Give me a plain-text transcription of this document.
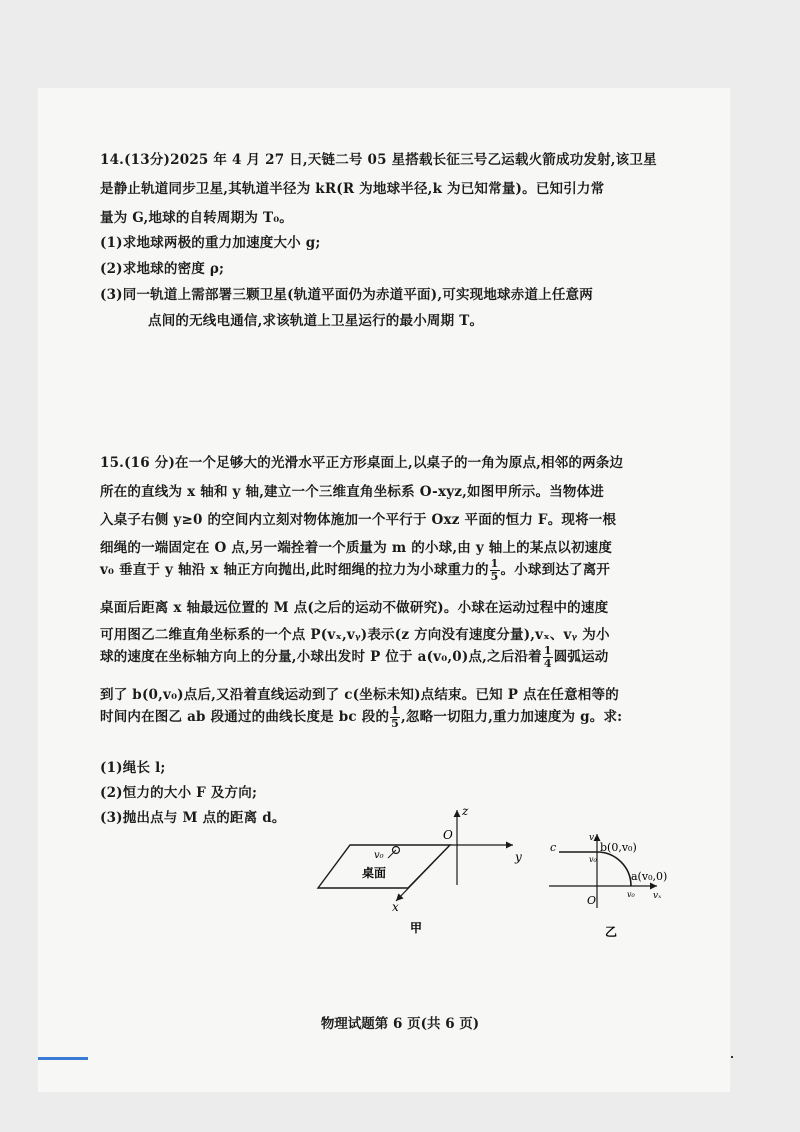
14.(13分)2025 年 4 月 27 日,天链二号 05 星搭载长征三号乙运载火箭成功发射,该卫星
是静止轨道同步卫星,其轨道半径为 kR(R 为地球半径,k 为已知常量)。已知引力常
量为 G,地球的自转周期为 T₀。
(1)求地球两极的重力加速度大小 g;
(2)求地球的密度 ρ;
(3)同一轨道上需部署三颗卫星(轨道平面仍为赤道平面),可实现地球赤道上任意两
点间的无线电通信,求该轨道上卫星运行的最小周期 T。
15.(16 分)在一个足够大的光滑水平正方形桌面上,以桌子的一角为原点,相邻的两条边
所在的直线为 x 轴和 y 轴,建立一个三维直角坐标系 O-xyz,如图甲所示。当物体进
入桌子右侧 y≥0 的空间内立刻对物体施加一个平行于 Oxz 平面的恒力 F。现将一根
细绳的一端固定在 O 点,另一端拴着一个质量为 m 的小球,由 y 轴上的某点以初速度
v₀ 垂直于 y 轴沿 x 轴正方向抛出,此时细绳的拉力为小球重力的 $\frac{1}{5}$ 。小球到达了离开
桌面后距离 x 轴最远位置的 M 点(之后的运动不做研究)。小球在运动过程中的速度
可用图乙二维直角坐标系的一个点 P(vₓ,vᵧ)表示(z 方向没有速度分量),vₓ、vᵧ 为小
球的速度在坐标轴方向上的分量,小球出发时 P 位于 a(v₀,0)点,之后沿着 $\frac{1}{4}$ 圆弧运动
到了 b(0,v₀)点后,又沿着直线运动到了 c(坐标未知)点结束。已知 P 点在任意相等的
时间内在图乙 ab 段通过的曲线长度是 bc 段的 $\frac{1}{5}$ ,忽略一切阻力,重力加速度为 g。求:
(1)绳长 l;
(2)恒力的大小 F 及方向;
(3)抛出点与 M 点的距离 d。	z
y
x
O
v₀
桌面
甲
vᵧ
vₓ
c	b(0,v₀)
a(v₀,0)
v₀
v₀
O
乙
物理试题第 6 页(共 6 页)
